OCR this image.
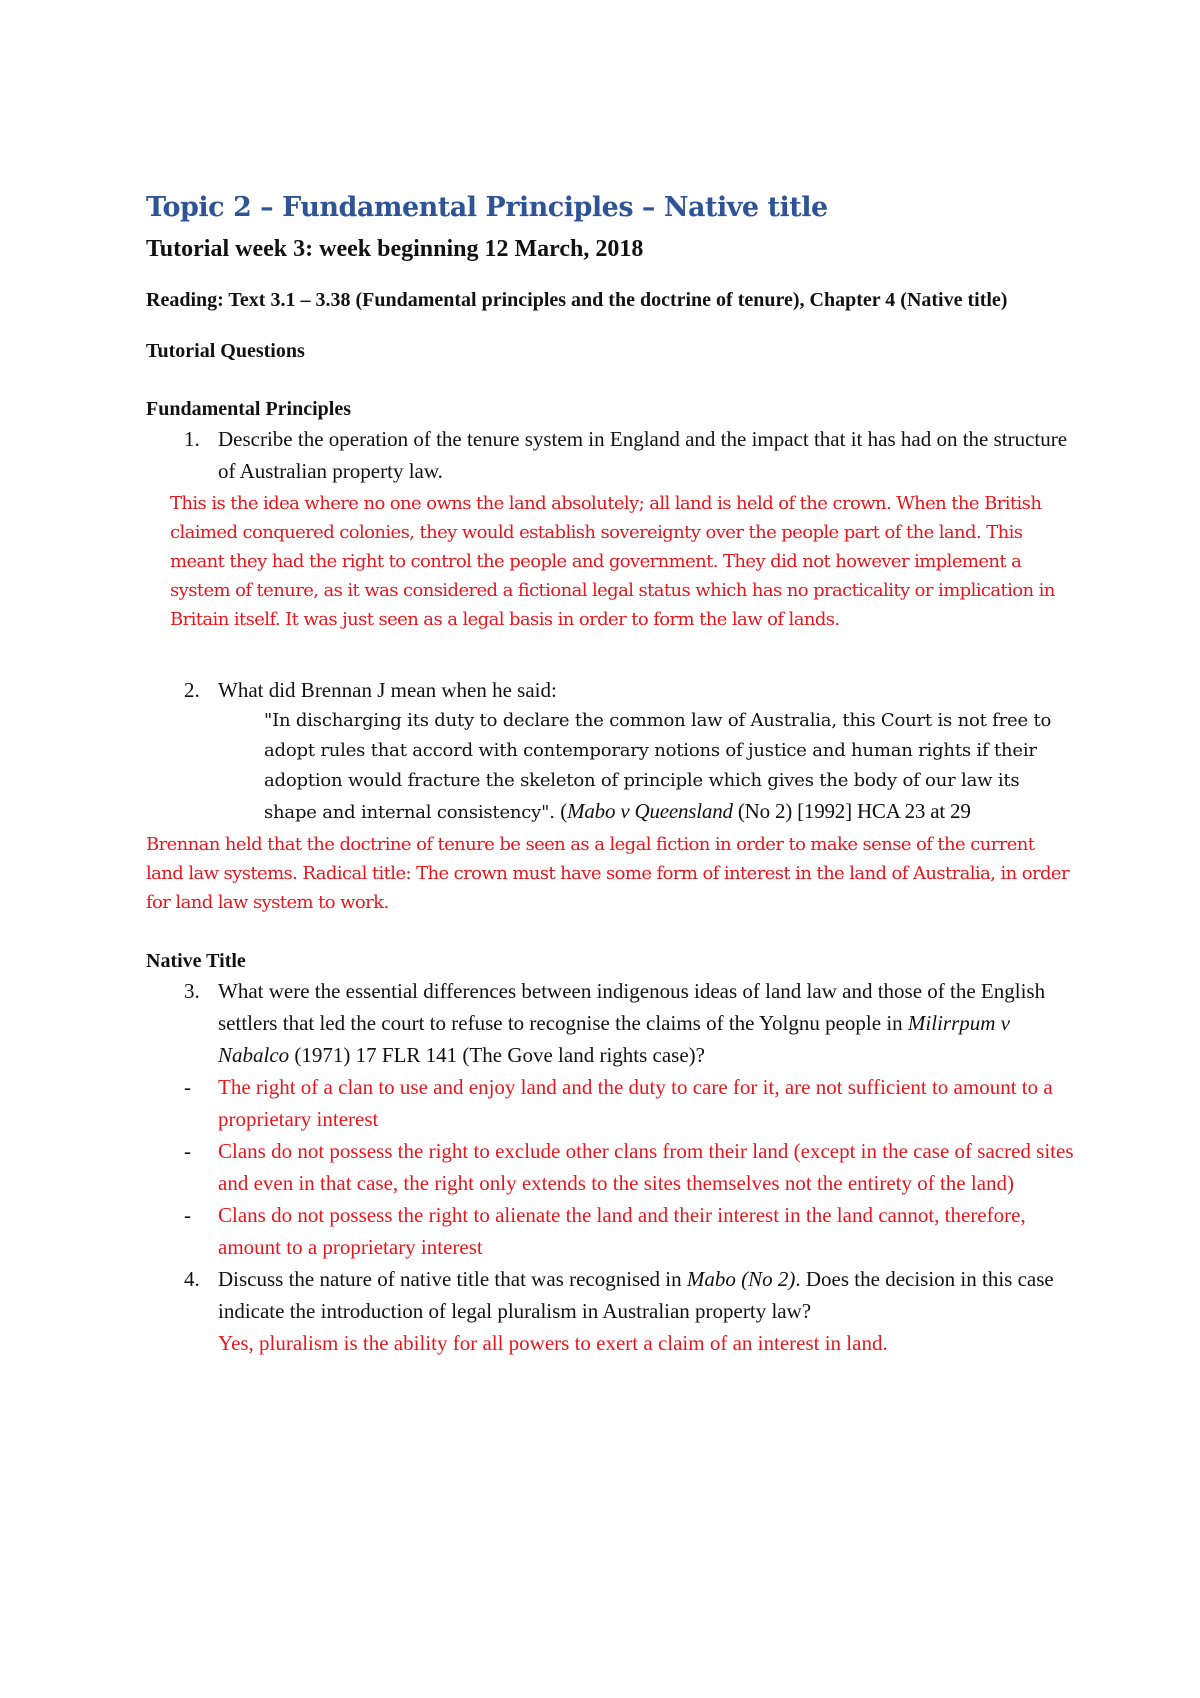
Topic 2 – Fundamental Principles – Native title
Tutorial week 3: week beginning 12 March, 2018

Reading: Text 3.1 – 3.38 (Fundamental principles and the doctrine of tenure), Chapter 4 (Native title)

Tutorial Questions

Fundamental Principles

1. Describe the operation of the tenure system in England and the impact that it has had on the structure of Australian property law.

This is the idea where no one owns the land absolutely; all land is held of the crown. When the British claimed conquered colonies, they would establish sovereignty over the people part of the land. This meant they had the right to control the people and government. They did not however implement a system of tenure, as it was considered a fictional legal status which has no practicality or implication in Britain itself. It was just seen as a legal basis in order to form the law of lands.

2. What did Brennan J mean when he said:

"In discharging its duty to declare the common law of Australia, this Court is not free to adopt rules that accord with contemporary notions of justice and human rights if their adoption would fracture the skeleton of principle which gives the body of our law its shape and internal consistency". (Mabo v Queensland (No 2) [1992] HCA 23 at 29

Brennan held that the doctrine of tenure be seen as a legal fiction in order to make sense of the current land law systems. Radical title: The crown must have some form of interest in the land of Australia, in order for land law system to work.

Native Title

3. What were the essential differences between indigenous ideas of land law and those of the English settlers that led the court to refuse to recognise the claims of the Yolgnu people in Milirrpum v Nabalco (1971) 17 FLR 141 (The Gove land rights case)?
- The right of a clan to use and enjoy land and the duty to care for it, are not sufficient to amount to a proprietary interest
- Clans do not possess the right to exclude other clans from their land (except in the case of sacred sites and even in that case, the right only extends to the sites themselves not the entirety of the land)
- Clans do not possess the right to alienate the land and their interest in the land cannot, therefore, amount to a proprietary interest
4. Discuss the nature of native title that was recognised in Mabo (No 2). Does the decision in this case indicate the introduction of legal pluralism in Australian property law?

Yes, pluralism is the ability for all powers to exert a claim of an interest in land.
